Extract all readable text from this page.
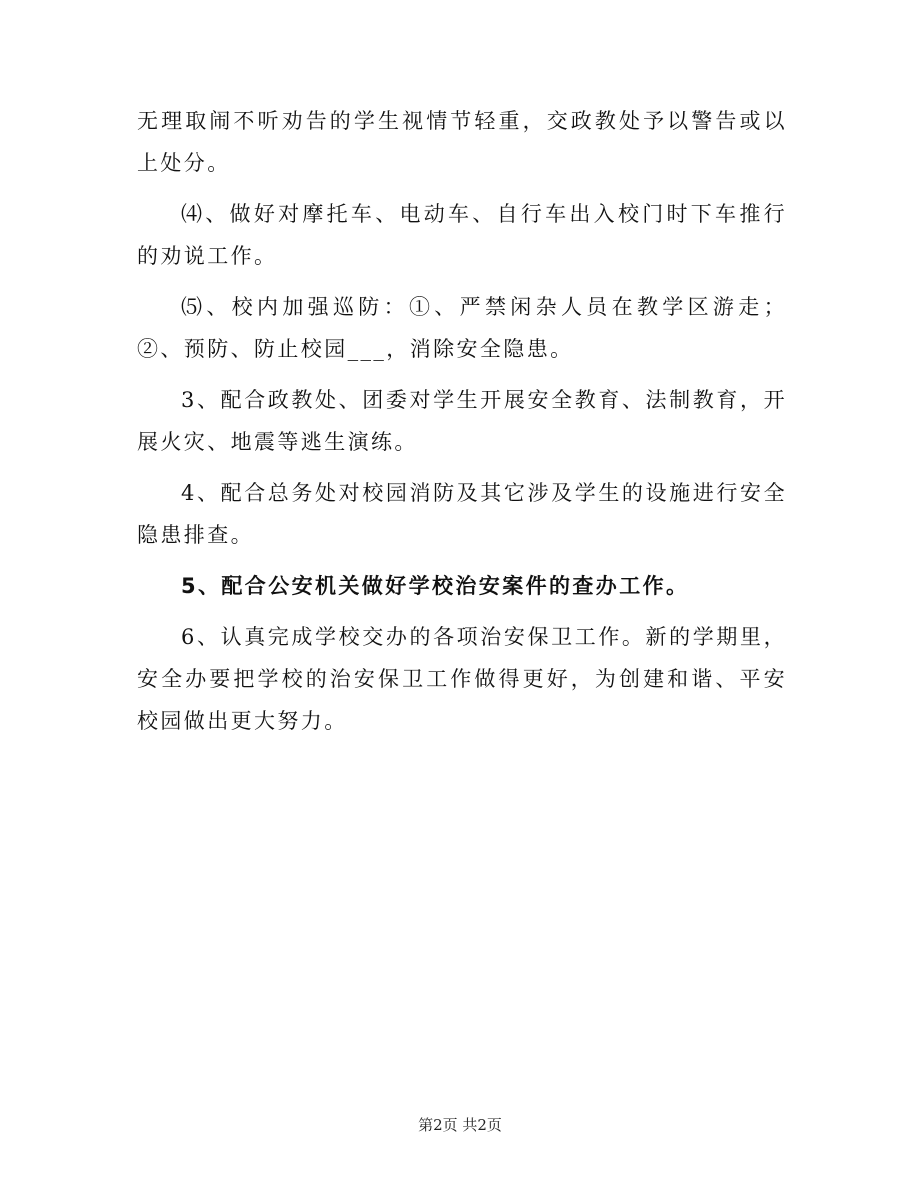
无理取闹不听劝告的学生视情节轻重，交政教处予以警告或以上处分。

⑷、做好对摩托车、电动车、自行车出入校门时下车推行的劝说工作。

⑸、校内加强巡防：①、严禁闲杂人员在教学区游走；②、预防、防止校园___，消除安全隐患。

3、配合政教处、团委对学生开展安全教育、法制教育，开展火灾、地震等逃生演练。

4、配合总务处对校园消防及其它涉及学生的设施进行安全隐患排查。

5、配合公安机关做好学校治安案件的查办工作。

6、认真完成学校交办的各项治安保卫工作。新的学期里，安全办要把学校的治安保卫工作做得更好，为创建和谐、平安校园做出更大努力。

第2页 共2页
